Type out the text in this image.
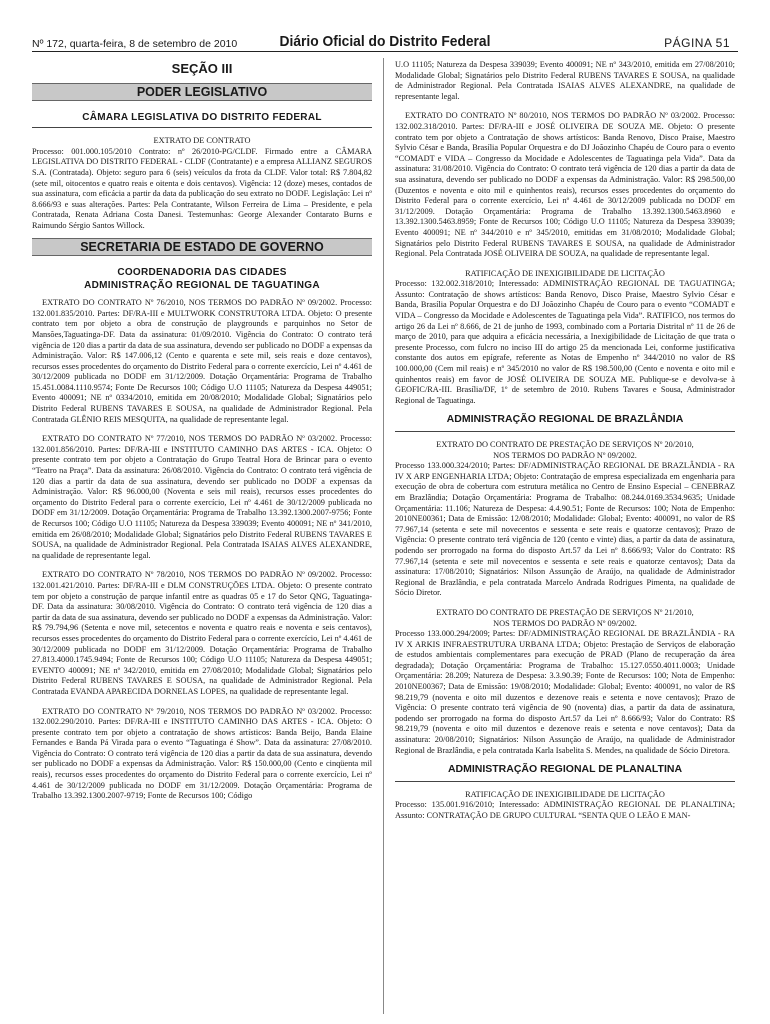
Nº 172, quarta-feira, 8 de setembro de 2010	Diário Oficial do Distrito Federal	PÁGINA 51
SEÇÃO III
PODER LEGISLATIVO
CÂMARA LEGISLATIVA DO DISTRITO FEDERAL

EXTRATO DE CONTRATO

Processo: 001.000.105/2010 Contrato: nº 26/2010-PG/CLDF. Firmado entre a CÂMARA LEGISLATIVA DO DISTRITO FEDERAL - CLDF (Contratante) e a empresa ALLIANZ SEGUROS S.A. (Contratada). Objeto: seguro para 6 (seis) veículos da frota da CLDF. Valor total: R$ 7.804,82 (sete mil, oitocentos e quatro reais e oitenta e dois centavos). Vigência: 12 (doze) meses, contados de sua assinatura, com eficácia a partir da data da publicação do seu extrato no DODF. Legislação: Lei nº 8.666/93 e suas alterações. Partes: Pela Contratante, Wilson Ferreira de Lima – Presidente, e pela Contratada, Renata Adriana Costa Danesi. Testemunhas: George Alexander Contarato Burns e Raimundo Sérgio Santos Willock.

SECRETARIA DE ESTADO DE GOVERNO
COORDENADORIA DAS CIDADES
ADMINISTRAÇÃO REGIONAL DE TAGUATINGA

EXTRATO DO CONTRATO Nº 76/2010, NOS TERMOS DO PADRÃO Nº 09/2002. Processo: 132.001.835/2010. Partes: DF/RA-III e MULTWORK CONSTRUTORA LTDA. Objeto: O presente contrato tem por objeto a obra de construção de playgrounds e parquinhos no Setor de Mansões,Taguatinga-DF. Data da assinatura: 01/09/2010. Vigência do Contrato: O contrato terá vigência de 120 dias a partir da data de sua assinatura, devendo ser publicado no DODF a expensas da Administração. Valor: R$ 147.006,12 (Cento e quarenta e sete mil, seis reais e doze centavos), recursos esses procedentes do orçamento do Distrito Federal para o corrente exercício, Lei nº 4.461 de 30/12/2009 publicada no DODF em 31/12/2009. Dotação Orçamentária: Programa de Trabalho 15.451.0084.1110.9574; Fonte De Recursos 100; Código U.O 11105; Natureza da Despesa 449051; Evento 400091; NE nº 0334/2010, emitida em 20/08/2010; Modalidade Global; Signatários pelo Distrito Federal RUBENS TAVARES E SOUSA, na qualidade de Administrador Regional. Pela Contratada GLÊNIO REIS MESQUITA, na qualidade de representante legal.

EXTRATO DO CONTRATO Nº 77/2010, NOS TERMOS DO PADRÃO Nº 03/2002. Processo: 132.001.856/2010. Partes: DF/RA-III e INSTITUTO CAMINHO DAS ARTES - ICA. Objeto: O presente contrato tem por objeto a Contratação do Grupo Teatral Hora de Brincar para o evento “Teatro na Praça”. Data da assinatura: 26/08/2010. Vigência do Contrato: O contrato terá vigência de 120 dias a partir da data de sua assinatura, devendo ser publicado no DODF a expensas da Administração. Valor: R$ 96.000,00 (Noventa e seis mil reais), recursos esses procedentes do orçamento do Distrito Federal para o corrente exercício, Lei nº 4.461 de 30/12/2009 publicada no DODF em 31/12/2009. Dotação Orçamentária: Programa de Trabalho 13.392.1300.2007-9756; Fonte de Recursos 100; Código U.O 11105; Natureza da Despesa 339039; Evento 400091; NE nº 341/2010, emitida em 26/08/2010; Modalidade Global; Signatários pelo Distrito Federal RUBENS TAVARES E SOUSA, na qualidade de Administrador Regional. Pela Contratada ISAIAS ALVES ALEXANDRE, na qualidade de representante legal.

EXTRATO DO CONTRATO Nº 78/2010, NOS TERMOS DO PADRÃO Nº 09/2002. Processo: 132.001.421/2010. Partes: DF/RA-III e DLM CONSTRUÇÕES LTDA. Objeto: O presente contrato tem por objeto a construção de parque infantil entre as quadras 05 e 17 do Setor QNG, Taguatinga-DF. Data da assinatura: 30/08/2010. Vigência do Contrato: O contrato terá vigência de 120 dias a partir da data de sua assinatura, devendo ser publicado no DODF a expensas da Administração. Valor: R$ 79.794,96 (Setenta e nove mil, setecentos e noventa e quatro reais e noventa e seis centavos), recursos esses procedentes do orçamento do Distrito Federal para o corrente exercício, Lei nº 4.461 de 30/12/2009 publicada no DODF em 31/12/2009. Dotação Orçamentária: Programa de Trabalho 27.813.4000.1745.9494; Fonte de Recursos 100; Código U.O 11105; Natureza da Despesa 449051; EVENTO 400091; NE nº 342/2010, emitida em 27/08/2010; Modalidade Global; Signatários pelo Distrito Federal RUBENS TAVARES E SOUSA, na qualidade de Administrador Regional. Pela Contratada EVANDA APARECIDA DORNELAS LOPES, na qualidade de representante legal.

EXTRATO DO CONTRATO Nº 79/2010, NOS TERMOS DO PADRÃO Nº 03/2002. Processo: 132.002.290/2010. Partes: DF/RA-III e INSTITUTO CAMINHO DAS ARTES - ICA. Objeto: O presente contrato tem por objeto a contratação de shows artísticos: Banda Beijo, Banda Elaine Fernandes e Banda Pá Virada para o evento “Taguatinga é Show”. Data da assinatura: 27/08/2010. Vigência do Contrato: O contrato terá vigência de 120 dias a partir da data de sua assinatura, devendo ser publicado no DODF a expensas da Administração. Valor: R$ 150.000,00 (Cento e cinqüenta mil reais), recursos esses procedentes do orçamento do Distrito Federal para o corrente exercício, Lei nº 4.461 de 30/12/2009 publicada no DODF em 31/12/2009. Dotação Orçamentária: Programa de Trabalho 13.392.1300.2007-9719; Fonte de Recursos 100; Código

U.O 11105; Natureza da Despesa 339039; Evento 400091; NE nº 343/2010, emitida em 27/08/2010; Modalidade Global; Signatários pelo Distrito Federal RUBENS TAVARES E SOUSA, na qualidade de Administrador Regional. Pela Contratada ISAIAS ALVES ALEXANDRE, na qualidade de representante legal.

EXTRATO DO CONTRATO Nº 80/2010, NOS TERMOS DO PADRÃO Nº 03/2002. Processo: 132.002.318/2010. Partes: DF/RA-III e JOSÉ OLIVEIRA DE SOUZA ME. Objeto: O presente contrato tem por objeto a Contratação de shows artísticos: Banda Renovo, Disco Praise, Maestro Sylvio César e Banda, Brasília Popular Orquestra e do DJ Joãozinho Chapéu de Couro para o evento “COMADT e VIDA – Congresso da Mocidade e Adolescentes de Taguatinga pela Vida”. Data da assinatura: 31/08/2010. Vigência do Contrato: O contrato terá vigência de 120 dias a partir da data de sua assinatura, devendo ser publicado no DODF a expensas da Administração. Valor: R$ 298.500,00 (Duzentos e noventa e oito mil e quinhentos reais), recursos esses procedentes do orçamento do Distrito Federal para o corrente exercício, Lei nº 4.461 de 30/12/2009 publicada no DODF em 31/12/2009. Dotação Orçamentária: Programa de Trabalho 13.392.1300.5463.8960 e 13.392.1300.5463.8959; Fonte de Recursos 100; Código U.O 11105; Natureza da Despesa 339039; Evento 400091; NE nº 344/2010 e nº 345/2010, emitidas em 31/08/2010; Modalidade Global; Signatários pelo Distrito Federal RUBENS TAVARES E SOUSA, na qualidade de Administrador Regional. Pela Contratada JOSÉ OLIVEIRA DE SOUZA, na qualidade de representante legal.

RATIFICAÇÃO DE INEXIGIBILIDADE DE LICITAÇÃO

Processo: 132.002.318/2010; Interessado: ADMINISTRAÇÃO REGIONAL DE TAGUATINGA; Assunto: Contratação de shows artísticos: Banda Renovo, Disco Praise, Maestro Sylvio César e Banda, Brasília Popular Orquestra e do DJ Joãozinho Chapéu de Couro para o evento “COMADT e VIDA – Congresso da Mocidade e Adolescentes de Taguatinga pela Vida”. RATIFICO, nos termos do artigo 26 da Lei nº 8.666, de 21 de junho de 1993, combinado com a Portaria Distrital nº 11 de 26 de março de 2010, para que adquira a eficácia necessária, a Inexigibilidade de Licitação de que trata o presente Processo, com fulcro no inciso III do artigo 25 da mencionada Lei, conforme justificativa constante dos autos em epígrafe, referente as Notas de Empenho nº 344/2010 no valor de R$ 100.000,00 (Cem mil reais) e nº 345/2010 no valor de R$ 198.500,00 (Cento e noventa e oito mil e quinhentos reais) em favor de JOSÉ OLIVEIRA DE SOUZA ME. Publique-se e devolva-se à GEOFIC/RA-III. Brasília/DF, 1º de setembro de 2010. Rubens Tavares e Sousa, Administrador Regional de Taguatinga.

ADMINISTRAÇÃO REGIONAL DE BRAZLÂNDIA

EXTRATO DO CONTRATO DE PRESTAÇÃO DE SERVIÇOS Nº 20/2010,

NOS TERMOS DO PADRÃO Nº 09/2002.

Processo 133.000.324/2010; Partes: DF/ADMINISTRAÇÃO REGIONAL DE BRAZLÂNDIA - RA IV X ARP ENGENHARIA LTDA; Objeto: Contratação de empresa especializada em engenharia para execução de obra de cobertura com estrutura metálica no Centro de Ensino Especial – CENEBRAZ em Brazlândia; Dotação Orçamentária: Programa de Trabalho: 08.244.0169.3534.9635; Unidade Orçamentária: 11.106; Natureza de Despesa: 4.4.90.51; Fonte de Recursos: 100; Nota de Empenho: 2010NE00361; Data de Emissão: 12/08/2010; Modalidade: Global; Evento: 400091, no valor de R$ 77.967,14 (setenta e sete mil novecentos e sessenta e sete reais e quatorze centavos); Prazo de Vigência: O presente contrato terá vigência de 120 (cento e vinte) dias, a partir da data de assinatura, podendo ser prorrogado na forma do disposto Art.57 da Lei nº 8.666/93; Valor do Contrato: R$ 77.967,14 (setenta e sete mil novecentos e sessenta e sete reais e quatorze centavos); Data da assinatura: 17/08/2010; Signatários: Nilson Assunção de Araújo, na qualidade de Administrador Regional de Brazlândia, e pela contratada Marcelo Andrada Rodrigues Pimenta, na qualidade de Sócio Diretor.

EXTRATO DO CONTRATO DE PRESTAÇÃO DE SERVIÇOS Nº 21/2010,

NOS TERMOS DO PADRÃO Nº 09/2002.

Processo 133.000.294/2009; Partes: DF/ADMINISTRAÇÃO REGIONAL DE BRAZLÂNDIA - RA IV X ARKIS INFRAESTRUTURA URBANA LTDA; Objeto: Prestação de Serviços de elaboração de estudos ambientais complementares para execução de PRAD (Plano de recuperação da área degradada); Dotação Orçamentária: Programa de Trabalho: 15.127.0550.4011.0003; Unidade Orçamentária: 28.209; Natureza de Despesa: 3.3.90.39; Fonte de Recursos: 100; Nota de Empenho: 2010NE00367; Data de Emissão: 19/08/2010; Modalidade: Global; Evento: 400091, no valor de R$ 98.219,79 (noventa e oito mil duzentos e dezenove reais e setenta e nove centavos); Prazo de Vigência: O presente contrato terá vigência de 90 (noventa) dias, a partir da data de assinatura, podendo ser prorrogado na forma do disposto Art.57 da Lei nº 8.666/93; Valor do Contrato: R$ 98.219,79 (noventa e oito mil duzentos e dezenove reais e setenta e nove centavos); Data da assinatura: 20/08/2010; Signatários: Nilson Assunção de Araújo, na qualidade de Administrador Regional de Brazlândia, e pela contratada Karla Isabelita S. Mendes, na qualidade de Sócio Diretora.

ADMINISTRAÇÃO REGIONAL DE PLANALTINA

RATIFICAÇÃO DE INEXIGIBILIDADE DE LICITAÇÃO

Processo: 135.001.916/2010; Interessado: ADMINISTRAÇÃO REGIONAL DE PLANALTINA; Assunto: CONTRATAÇÃO DE GRUPO CULTURAL “SENTA QUE O LEÃO E MAN-
